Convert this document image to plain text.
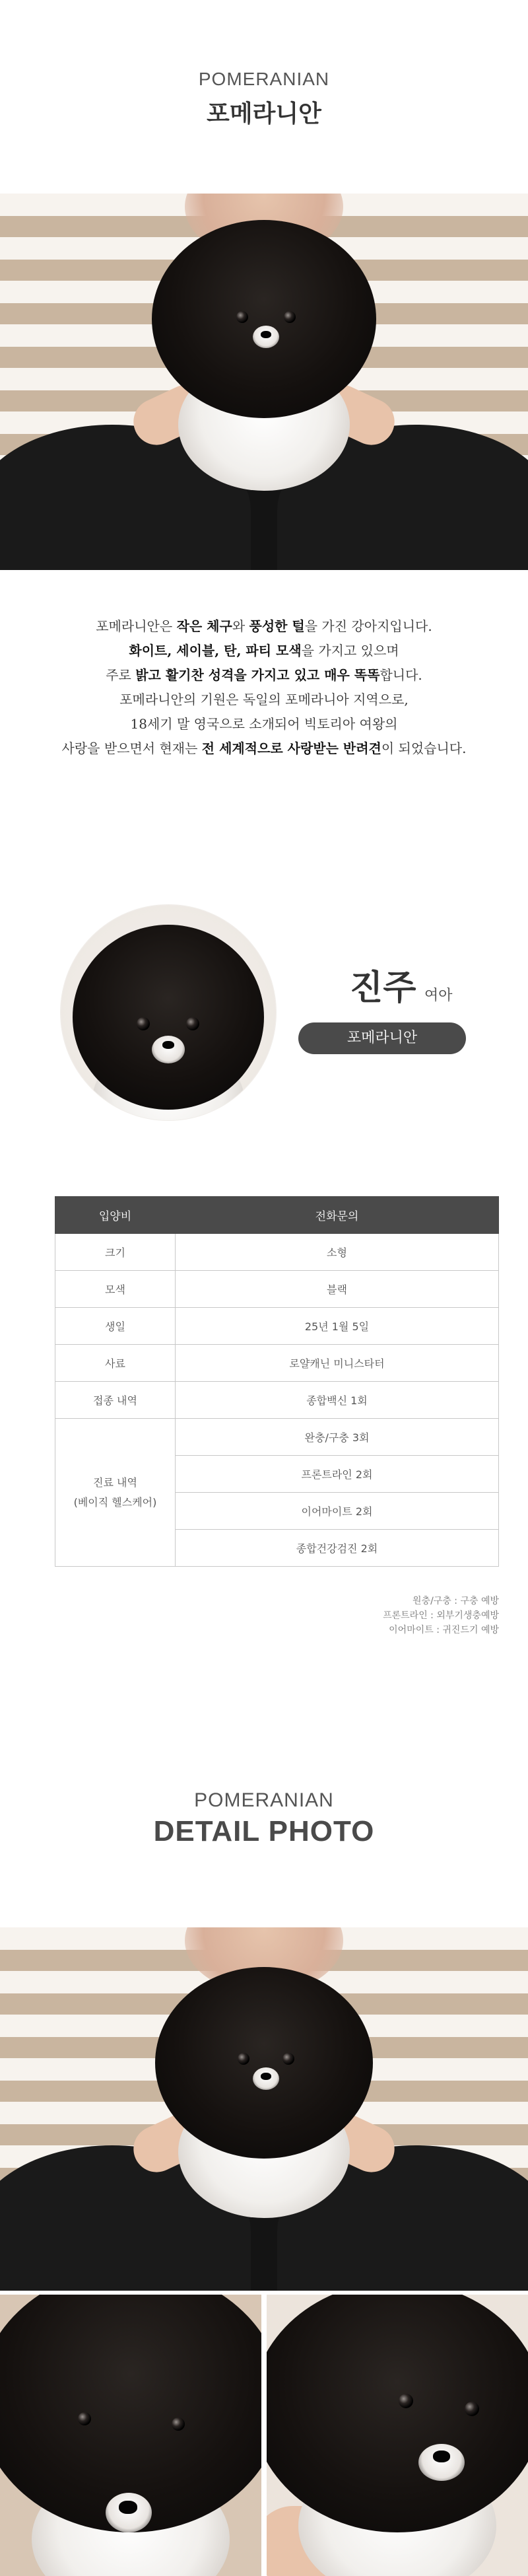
POMERANIAN
포메라니안

포메라니안은 작은 체구와 풍성한 털을 가진 강아지입니다.

화이트, 세이블, 탄, 파티 모색을 가지고 있으며

주로 밝고 활기찬 성격을 가지고 있고 매우 똑똑합니다.

포메라니안의 기원은 독일의 포메라니아 지역으로,

18세기 말 영국으로 소개되어 빅토리아 여왕의

사랑을 받으면서 현재는 전 세계적으로 사랑받는 반려견이 되었습니다.

진주 여아
포메라니안
입양비	전화문의
크기	소형
모색	블랙
생일	25년 1월 5일
사료	로얄캐닌 미니스타터
접종 내역	종합백신 1회

진료 내역
(베이직 헬스케어)	완충/구충 3회
	프론트라인 2회
	이어마이트 2회
	종합건강검진 2회
원충/구충 : 구충 예방
프론트라인 : 외부기생충예방
이어마이트 : 귀진드기 예방
POMERANIAN
DETAIL PHOTO
